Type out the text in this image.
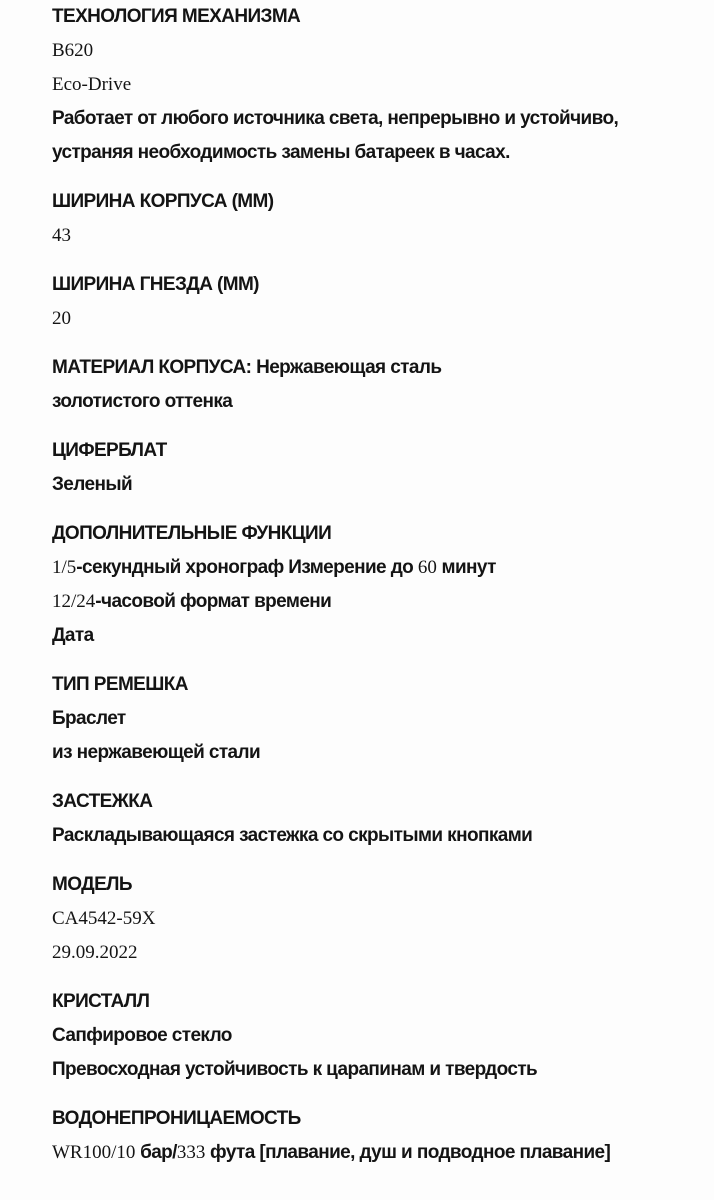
ТЕХНОЛОГИЯ МЕХАНИЗМА
B620
Eco-Drive
Работает от любого источника света, непрерывно и устойчиво,
устраняя необходимость замены батареек в часах.
ШИРИНА КОРПУСА (ММ)
43
ШИРИНА ГНЕЗДА (ММ)
20
МАТЕРИАЛ КОРПУСА: Нержавеющая сталь
золотистого оттенка
ЦИФЕРБЛАТ
Зеленый
ДОПОЛНИТЕЛЬНЫЕ ФУНКЦИИ
1/5-секундный хронограф Измерение до 60 минут
12/24-часовой формат времени
Дата
ТИП РЕМЕШКА
Браслет
из нержавеющей стали
ЗАСТЕЖКА
Раскладывающаяся застежка со скрытыми кнопками
МОДЕЛЬ
CA4542-59X
29.09.2022
КРИСТАЛЛ
Сапфировое стекло
Превосходная устойчивость к царапинам и твердость
ВОДОНЕПРОНИЦАЕМОСТЬ
WR100/10 бар/333 фута [плавание, душ и подводное плавание]
